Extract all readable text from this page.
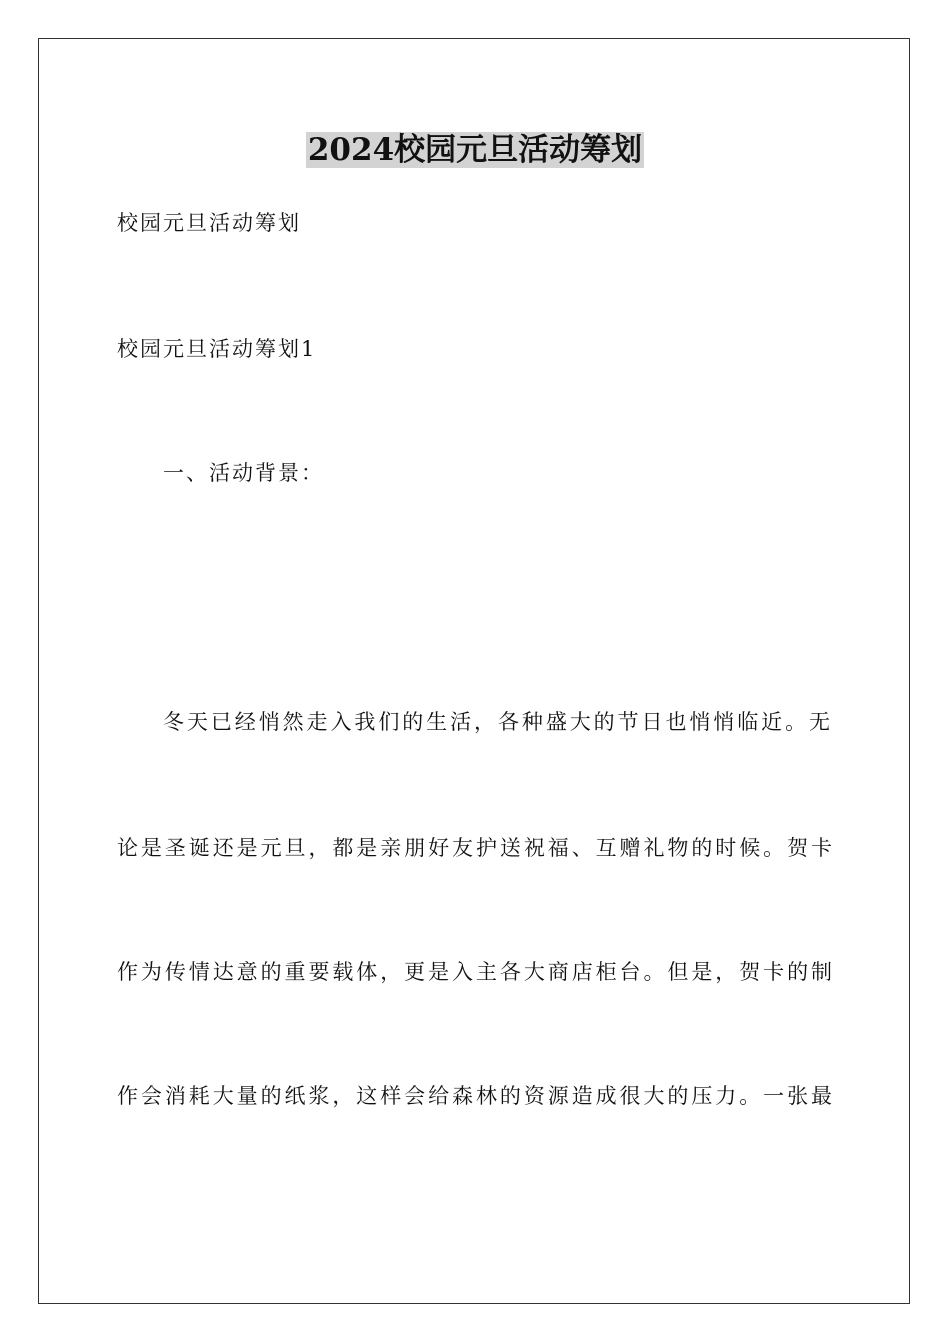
2024校园元旦活动筹划
校园元旦活动筹划
校园元旦活动筹划1
一、活动背景：
冬天已经悄然走入我们的生活，各种盛大的节日也悄悄临近。无
论是圣诞还是元旦，都是亲朋好友护送祝福、互赠礼物的时候。贺卡
作为传情达意的重要载体，更是入主各大商店柜台。但是，贺卡的制
作会消耗大量的纸浆，这样会给森林的资源造成很大的压力。一张最
